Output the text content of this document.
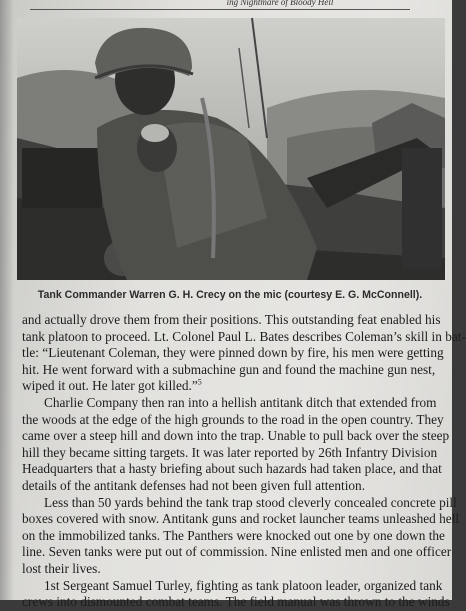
ing Nightmare of Bloody Hell
Tank Commander Warren G. H. Crecy on the mic (courtesy E. G. McConnell).
and actually drove them from their positions. This outstanding feat enabled his
tank platoon to proceed. Lt. Colonel Paul L. Bates describes Coleman’s skill in bat-
tle: “Lieutenant Coleman, they were pinned down by fire, his men were getting
hit. He went forward with a submachine gun and found the machine gun nest,
wiped it out. He later got killed.”$^5$
Charlie Company then ran into a hellish antitank ditch that extended from
the woods at the edge of the high grounds to the road in the open country. They
came over a steep hill and down into the trap. Unable to pull back over the steep
hill they became sitting targets. It was later reported by 26th Infantry Division
Headquarters that a hasty briefing about such hazards had taken place, and that
details of the antitank defenses had not been given full attention.
Less than 50 yards behind the tank trap stood cleverly concealed concrete pill
boxes covered with snow. Antitank guns and rocket launcher teams unleashed hell
on the immobilized tanks. The Panthers were knocked out one by one down the
line. Seven tanks were put out of commission. Nine enlisted men and one officer
lost their lives.
1st Sergeant Samuel Turley, fighting as tank platoon leader, organized tank
crews into dismounted combat teams. The field manual was thrown to the winds
